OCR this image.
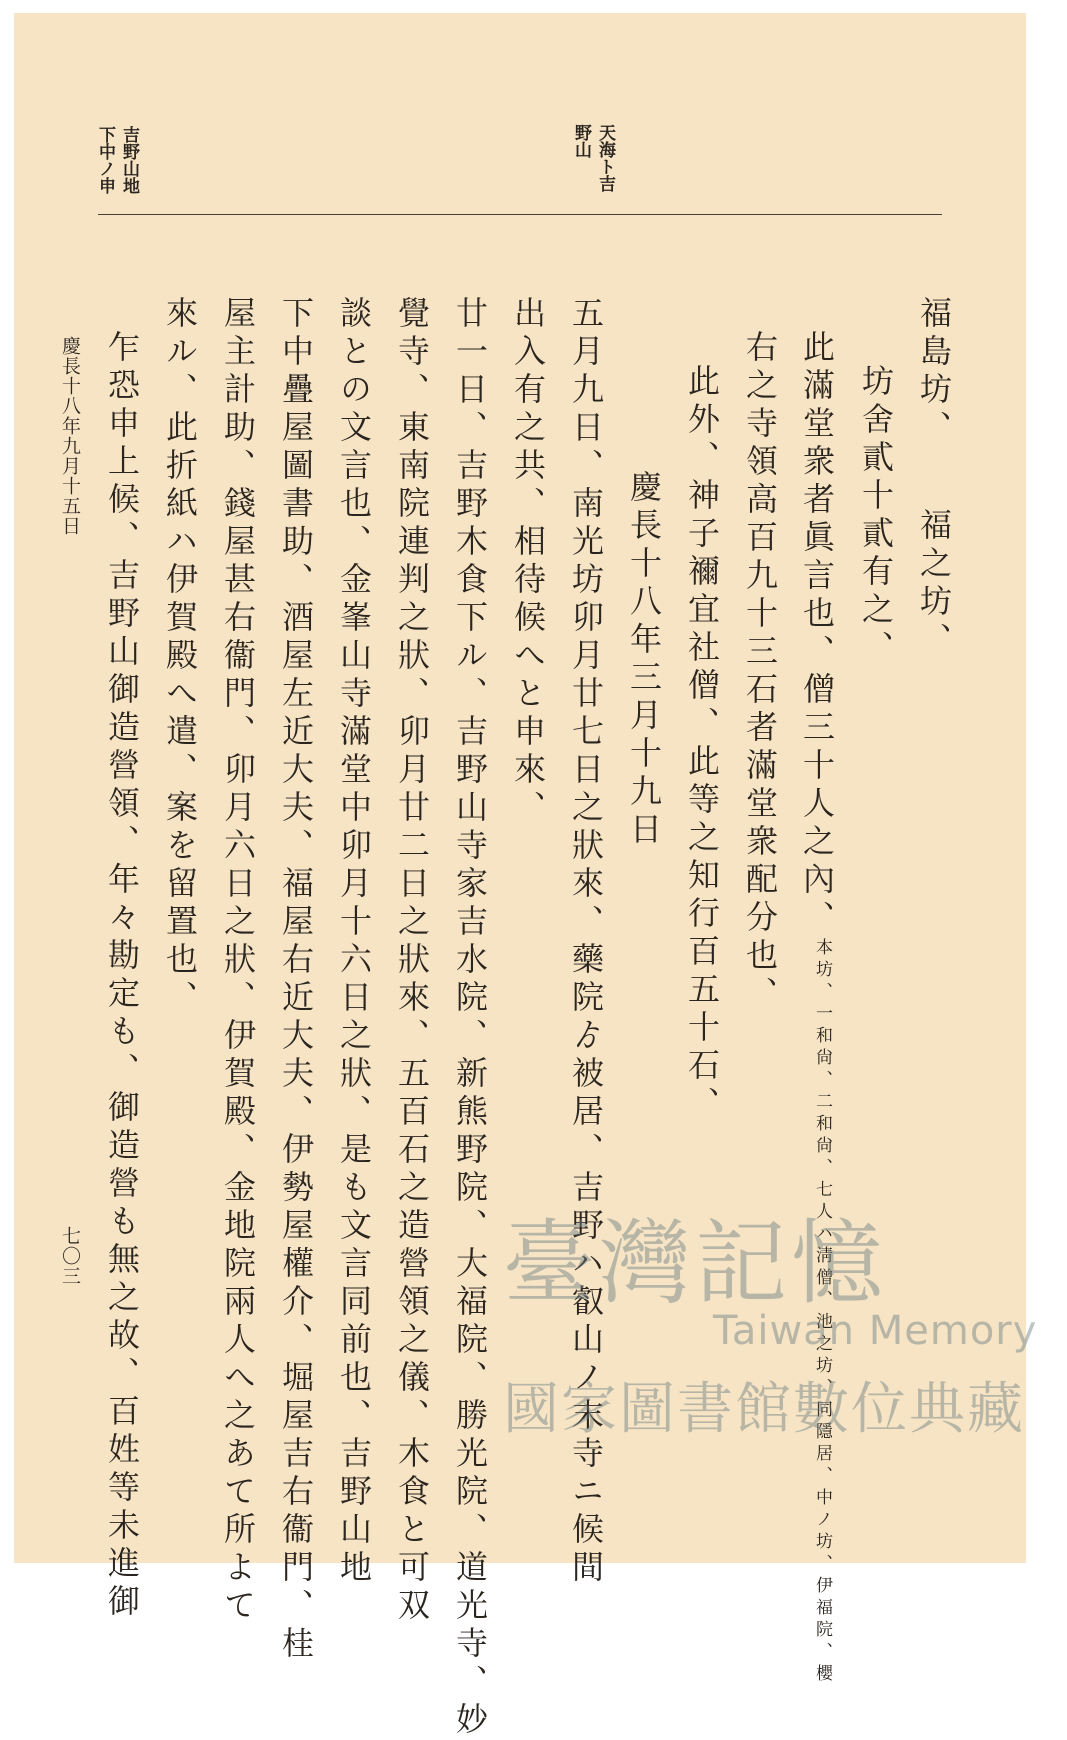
吉野山地
下中ノ申	天海ト吉
野山
福島坊、　　福之坊、
坊舍貳十貳有之、
此滿堂衆者眞言也、僧三十人之內、
池之坊、同隱居、中ノ坊、伊福院、櫻
本坊、一和尙、二和尙、七人ハ淸僧、
右之寺領高百九十三石者滿堂衆配分也、
此外、神子禰宜社僧、此等之知行百五十石、
慶長十八年三月十九日
五月九日、南光坊卯月廿七日之狀來、藥院ゟ被居、吉野ハ叡山ノ末寺ニ候間
出入有之共、相待候へと申來、
廿一日、吉野木食下ル、吉野山寺家吉水院、新熊野院、大福院、勝光院、道光寺、妙
覺寺、東南院連判之狀、卯月廿二日之狀來、五百石之造營領之儀、木食と可双
談との文言也、金峯山寺滿堂中卯月十六日之狀、是も文言同前也、吉野山地
下中疊屋圖書助、酒屋左近大夫、福屋右近大夫、伊勢屋權介、堀屋吉右衞門、桂
屋主計助、錢屋甚右衞門、卯月六日之狀、伊賀殿、金地院兩人へ之あて所よて
來ル、此折紙ハ伊賀殿へ遣、案を留置也、
乍恐申上候、吉野山御造營領、年々勘定も、御造營も無之故、百姓等未進御
慶長十八年九月十五日
七〇三	臺灣記憶
Taiwan Memory
國家圖書館數位典藏
